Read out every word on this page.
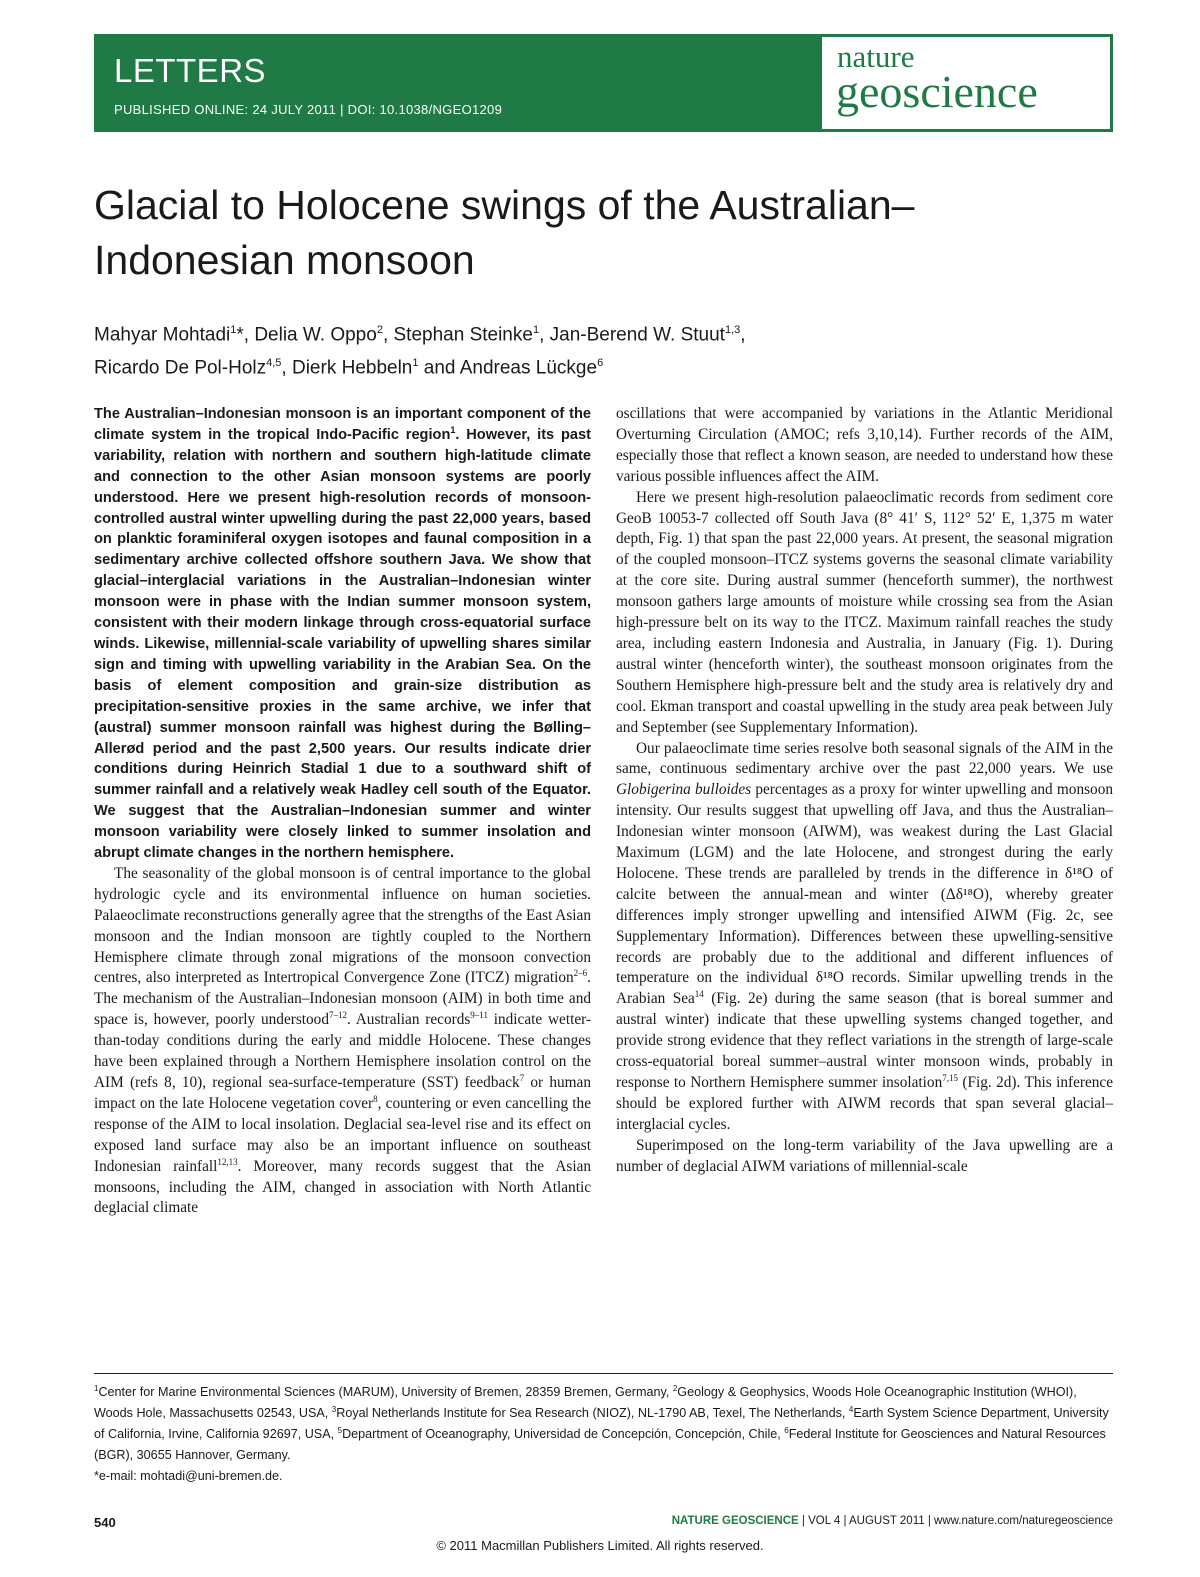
LETTERS
PUBLISHED ONLINE: 24 JULY 2011 | DOI: 10.1038/NGEO1209
nature
geoscience
Glacial to Holocene swings of the Australian–Indonesian monsoon
Mahyar Mohtadi$^1$*, Delia W. Oppo$^2$, Stephan Steinke$^1$, Jan-Berend W. Stuut$^{1,3}$,
Ricardo De Pol-Holz$^{4,5}$, Dierk Hebbeln$^1$ and Andreas Lückge$^6$

The Australian–Indonesian monsoon is an important component of the climate system in the tropical Indo-Pacific region$^1$. However, its past variability, relation with northern and southern high-latitude climate and connection to the other Asian monsoon systems are poorly understood. Here we present high-resolution records of monsoon-controlled austral winter upwelling during the past 22,000 years, based on planktic foraminiferal oxygen isotopes and faunal composition in a sedimentary archive collected offshore southern Java. We show that glacial–interglacial variations in the Australian–Indonesian winter monsoon were in phase with the Indian summer monsoon system, consistent with their modern linkage through cross-equatorial surface winds. Likewise, millennial-scale variability of upwelling shares similar sign and timing with upwelling variability in the Arabian Sea. On the basis of element composition and grain-size distribution as precipitation-sensitive proxies in the same archive, we infer that (austral) summer monsoon rainfall was highest during the Bølling–Allerød period and the past 2,500 years. Our results indicate drier conditions during Heinrich Stadial 1 due to a southward shift of summer rainfall and a relatively weak Hadley cell south of the Equator. We suggest that the Australian–Indonesian summer and winter monsoon variability were closely linked to summer insolation and abrupt climate changes in the northern hemisphere.

The seasonality of the global monsoon is of central importance to the global hydrologic cycle and its environmental influence on human societies. Palaeoclimate reconstructions generally agree that the strengths of the East Asian monsoon and the Indian monsoon are tightly coupled to the Northern Hemisphere climate through zonal migrations of the monsoon convection centres, also interpreted as Intertropical Convergence Zone (ITCZ) migration$^{2-6}$. The mechanism of the Australian–Indonesian monsoon (AIM) in both time and space is, however, poorly understood$^{7-12}$. Australian records$^{9-11}$ indicate wetter-than-today conditions during the early and middle Holocene. These changes have been explained through a Northern Hemisphere insolation control on the AIM (refs 8, 10), regional sea-surface-temperature (SST) feedback$^7$ or human impact on the late Holocene vegetation cover$^8$, countering or even cancelling the response of the AIM to local insolation. Deglacial sea-level rise and its effect on exposed land surface may also be an important influence on southeast Indonesian rainfall$^{12,13}$. Moreover, many records suggest that the Asian monsoons, including the AIM, changed in association with North Atlantic deglacial climate

oscillations that were accompanied by variations in the Atlantic Meridional Overturning Circulation (AMOC; refs 3,10,14). Further records of the AIM, especially those that reflect a known season, are needed to understand how these various possible influences affect the AIM.

Here we present high-resolution palaeoclimatic records from sediment core GeoB 10053-7 collected off South Java (8° 41′ S, 112° 52′ E, 1,375 m water depth, Fig. 1) that span the past 22,000 years. At present, the seasonal migration of the coupled monsoon–ITCZ systems governs the seasonal climate variability at the core site. During austral summer (henceforth summer), the northwest monsoon gathers large amounts of moisture while crossing sea from the Asian high-pressure belt on its way to the ITCZ. Maximum rainfall reaches the study area, including eastern Indonesia and Australia, in January (Fig. 1). During austral winter (henceforth winter), the southeast monsoon originates from the Southern Hemisphere high-pressure belt and the study area is relatively dry and cool. Ekman transport and coastal upwelling in the study area peak between July and September (see Supplementary Information).

Our palaeoclimate time series resolve both seasonal signals of the AIM in the same, continuous sedimentary archive over the past 22,000 years. We use Globigerina bulloides percentages as a proxy for winter upwelling and monsoon intensity. Our results suggest that upwelling off Java, and thus the Australian–Indonesian winter monsoon (AIWM), was weakest during the Last Glacial Maximum (LGM) and the late Holocene, and strongest during the early Holocene. These trends are paralleled by trends in the difference in δ¹⁸O of calcite between the annual-mean and winter (Δδ¹⁸O), whereby greater differences imply stronger upwelling and intensified AIWM (Fig. 2c, see Supplementary Information). Differences between these upwelling-sensitive records are probably due to the additional and different influences of temperature on the individual δ¹⁸O records. Similar upwelling trends in the Arabian Sea$^{14}$ (Fig. 2e) during the same season (that is boreal summer and austral winter) indicate that these upwelling systems changed together, and provide strong evidence that they reflect variations in the strength of large-scale cross-equatorial boreal summer–austral winter monsoon winds, probably in response to Northern Hemisphere summer insolation$^{7,15}$ (Fig. 2d). This inference should be explored further with AIWM records that span several glacial–interglacial cycles.

Superimposed on the long-term variability of the Java upwelling are a number of deglacial AIWM variations of millennial-scale

$^1$Center for Marine Environmental Sciences (MARUM), University of Bremen, 28359 Bremen, Germany, $^2$Geology & Geophysics, Woods Hole Oceanographic Institution (WHOI), Woods Hole, Massachusetts 02543, USA, $^3$Royal Netherlands Institute for Sea Research (NIOZ), NL-1790 AB, Texel, The Netherlands, $^4$Earth System Science Department, University of California, Irvine, California 92697, USA, $^5$Department of Oceanography, Universidad de Concepción, Concepción, Chile, $^6$Federal Institute for Geosciences and Natural Resources (BGR), 30655 Hannover, Germany.

*e-mail: mohtadi@uni-bremen.de.

540	NATURE GEOSCIENCE | VOL 4 | AUGUST 2011 | www.nature.com/naturegeoscience
© 2011 Macmillan Publishers Limited. All rights reserved.
